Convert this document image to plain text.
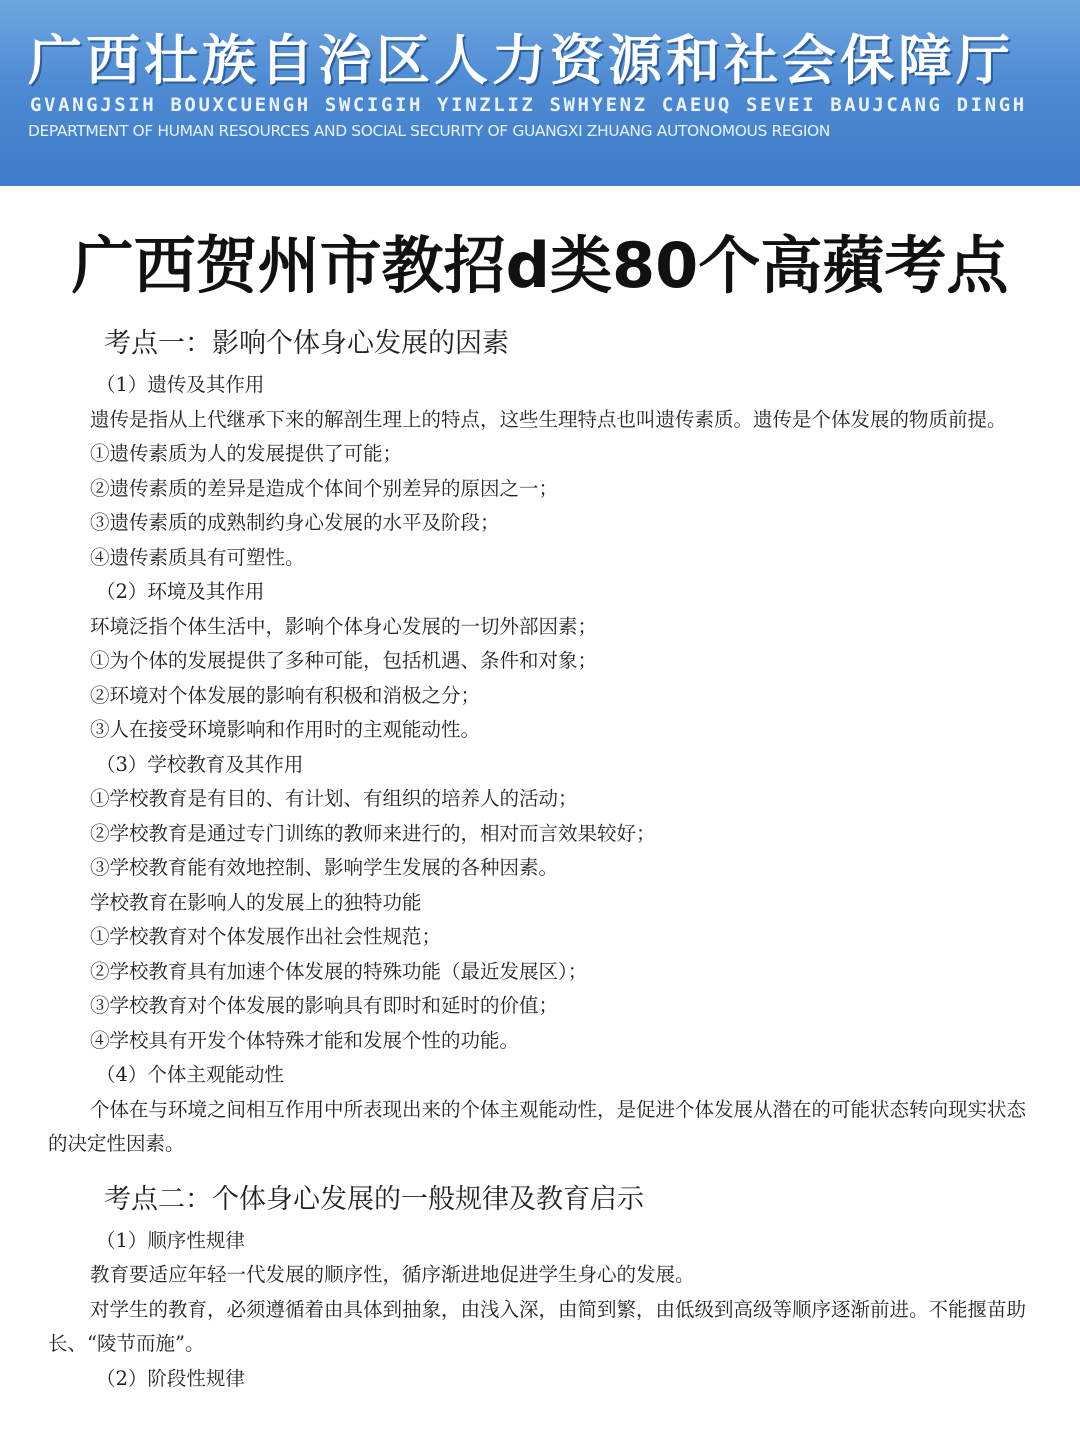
广西壮族自治区人力资源和社会保障厅
GVANGJSIH BOUXCUENGH SWCIGIH YINZLIZ SWHYENZ CAEUQ SEVEI BAUJCANG DINGH
DEPARTMENT OF HUMAN RESOURCES AND SOCIAL SECURITY OF GUANGXI ZHUANG AUTONOMOUS REGION
广西贺州市教招d类80个高蘋考点
考点一：影响个体身心发展的因素

（1）遗传及其作用

遗传是指从上代继承下来的解剖生理上的特点，这些生理特点也叫遗传素质。遗传是个体发展的物质前提。

①遗传素质为人的发展提供了可能；

②遗传素质的差异是造成个体间个别差异的原因之一；

③遗传素质的成熟制约身心发展的水平及阶段；

④遗传素质具有可塑性。

（2）环境及其作用

环境泛指个体生活中，影响个体身心发展的一切外部因素；

①为个体的发展提供了多种可能，包括机遇、条件和对象；

②环境对个体发展的影响有积极和消极之分；

③人在接受环境影响和作用时的主观能动性。

（3）学校教育及其作用

①学校教育是有目的、有计划、有组织的培养人的活动；

②学校教育是通过专门训练的教师来进行的，相对而言效果较好；

③学校教育能有效地控制、影响学生发展的各种因素。

学校教育在影响人的发展上的独特功能

①学校教育对个体发展作出社会性规范；

②学校教育具有加速个体发展的特殊功能（最近发展区）；

③学校教育对个体发展的影响具有即时和延时的价值；

④学校具有开发个体特殊才能和发展个性的功能。

（4）个体主观能动性

个体在与环境之间相互作用中所表现出来的个体主观能动性，是促进个体发展从潜在的可能状态转向现实状态的决定性因素。

考点二：个体身心发展的一般规律及教育启示

（1）顺序性规律

教育要适应年轻一代发展的顺序性，循序渐进地促进学生身心的发展。

对学生的教育，必须遵循着由具体到抽象，由浅入深，由简到繁，由低级到高级等顺序逐渐前进。不能揠苗助长、“陵节而施”。

（2）阶段性规律
